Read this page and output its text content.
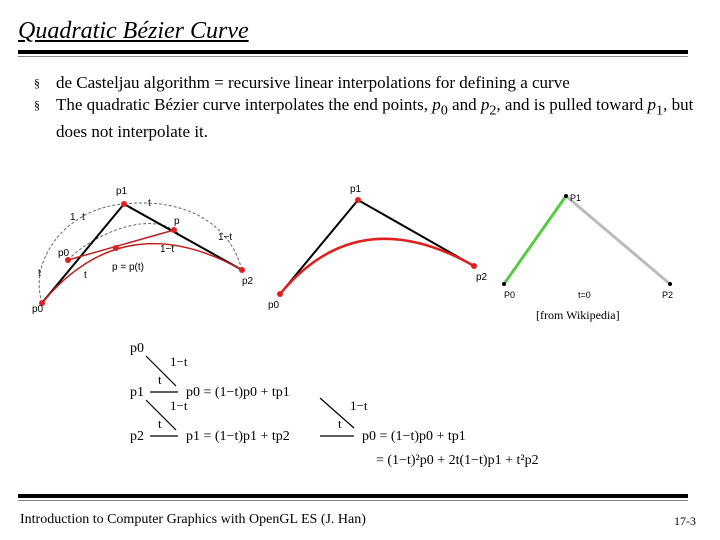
Quadratic Bézier Curve
§ de Casteljau algorithm = recursive linear interpolations for defining a curve
§ The quadratic Bézier curve interpolates the end points, $p_0$ and $p_2$, and is pulled toward $p_1$, but does not interpolate it.
p0
p1
p2
1 t
t
1−t
1−t
t	t
p = p(t)
p0
p
p0
p1
p2
P1
P0	P2
t=0
[from Wikipedia]
p0
1−t
p1
t
p0 = (1−t)p0 + tp1
1−t
p2
t
p1 = (1−t)p1 + tp2
1−t
t
p0 = (1−t)p0 + tp1
= (1−t)²p0 + 2t(1−t)p1 + t²p2
Introduction to Computer Graphics with OpenGL ES (J. Han)	17-3
